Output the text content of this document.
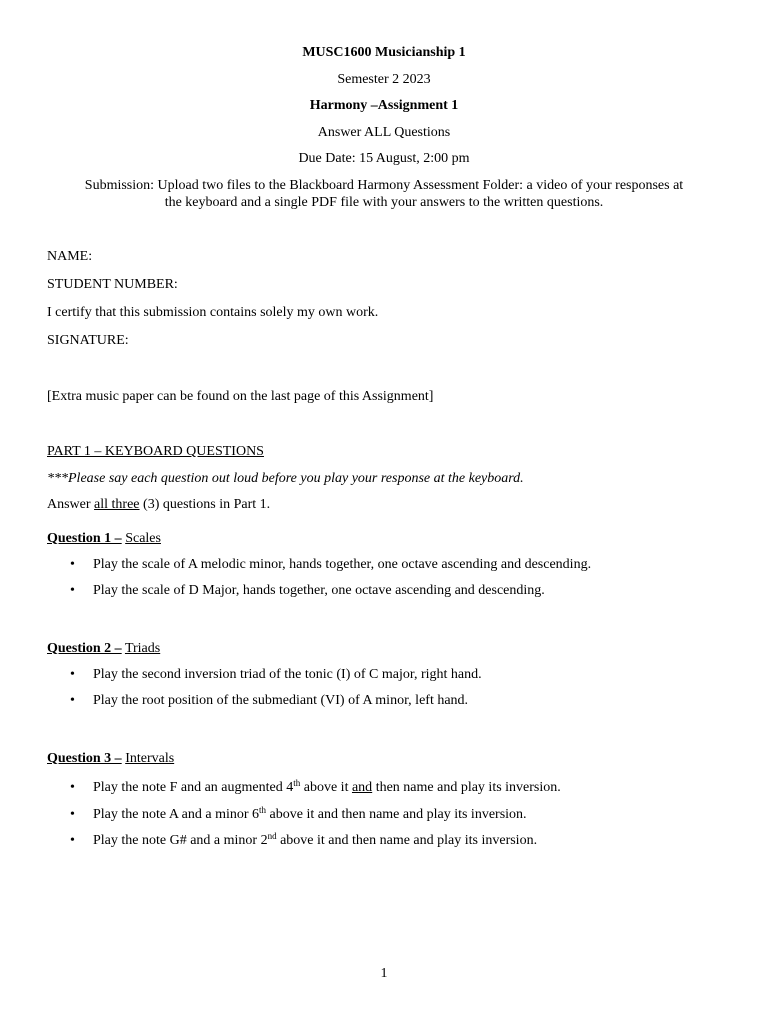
MUSC1600 Musicianship 1
Semester 2 2023
Harmony –Assignment 1
Answer ALL Questions
Due Date: 15 August, 2:00 pm
Submission: Upload two files to the Blackboard Harmony Assessment Folder: a video of your responses at
the keyboard and a single PDF file with your answers to the written questions.
NAME:
STUDENT NUMBER:
I certify that this submission contains solely my own work.
SIGNATURE:
[Extra music paper can be found on the last page of this Assignment]
PART 1 – KEYBOARD QUESTIONS
***Please say each question out loud before you play your response at the keyboard.
Answer all three (3) questions in Part 1.
Question 1 – Scales
• Play the scale of A melodic minor, hands together, one octave ascending and descending.
• Play the scale of D Major, hands together, one octave ascending and descending.
Question 2 – Triads
• Play the second inversion triad of the tonic (I) of C major, right hand.
• Play the root position of the submediant (VI) of A minor, left hand.
Question 3 – Intervals
• Play the note F and an augmented 4th above it and then name and play its inversion.
• Play the note A and a minor 6th above it and then name and play its inversion.
• Play the note G# and a minor 2nd above it and then name and play its inversion.
1
